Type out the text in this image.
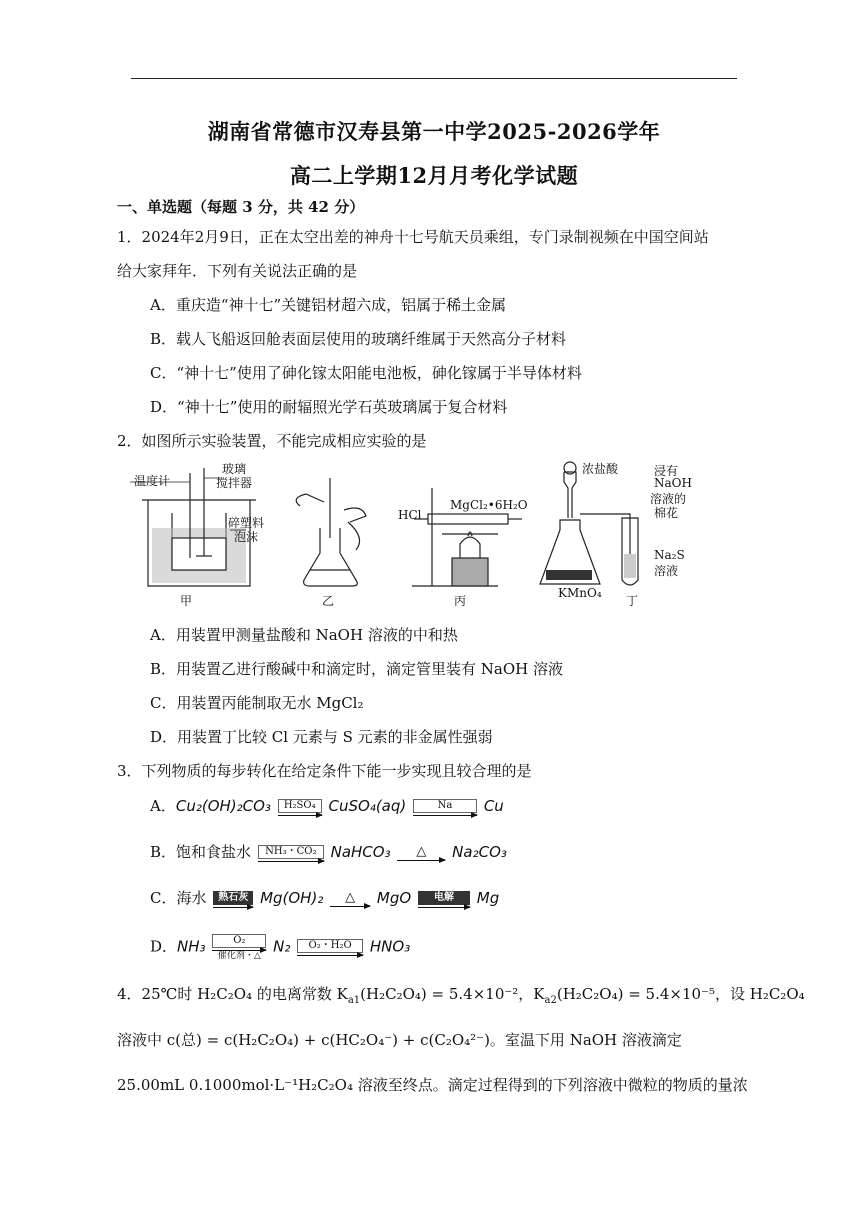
湖南省常德市汉寿县第一中学2025-2026学年
高二上学期12月月考化学试题
一、单选题（每题 3 分，共 42 分）
1．2024年2月9日，正在太空出差的神舟十七号航天员乘组，专门录制视频在中国空间站
给大家拜年．下列有关说法正确的是
A．重庆造“神十七”关键铝材超六成，铝属于稀土金属
B．载人飞船返回舱表面层使用的玻璃纤维属于天然高分子材料
C．“神十七”使用了砷化镓太阳能电池板，砷化镓属于半导体材料
D．“神十七”使用的耐辐照光学石英玻璃属于复合材料
2．如图所示实验装置，不能完成相应实验的是
温度计
玻璃
搅拌器
碎塑料
泡沫
甲	乙
HCl
MgCl₂•6H₂O
丙
浓盐酸	浸有
NaOH
溶液的
棉花
Na₂S
溶液
KMnO₄
丁
A．用装置甲测量盐酸和 NaOH 溶液的中和热
B．用装置乙进行酸碱中和滴定时，滴定管里装有 NaOH 溶液
C．用装置丙能制取无水 MgCl₂
D．用装置丁比较 Cl 元素与 S 元素的非金属性强弱
3．下列物质的每步转化在给定条件下能一步实现且较合理的是
A．Cu₂(OH)₂CO₃	H₂SO₄ CuSO₄(aq)	Na	Cu
B．饱和食盐水	NH₃・CO₂ NaHCO₃	△	Na₂CO₃
C．海水	熟石灰 Mg(OH)₂	△	MgO	电解	Mg
D．NH₃	O₂
催化剂・△
N₂	O₂・H₂O	HNO₃
4．25℃时 H₂C₂O₄ 的电离常数 $K_{a1}(H_2C_2O_4) = 5.4\times 10^{-2}$，$K_{a2}(H_2C_2O_4) = 5.4\times 10^{-5}$，设 H₂C₂O₄
溶液中 c(总) = c(H₂C₂O₄) + c(HC₂O₄⁻) + c(C₂O₄²⁻)。室温下用 NaOH 溶液滴定
25.00mL 0.1000mol·L⁻¹H₂C₂O₄ 溶液至终点。滴定过程得到的下列溶液中微粒的物质的量浓
